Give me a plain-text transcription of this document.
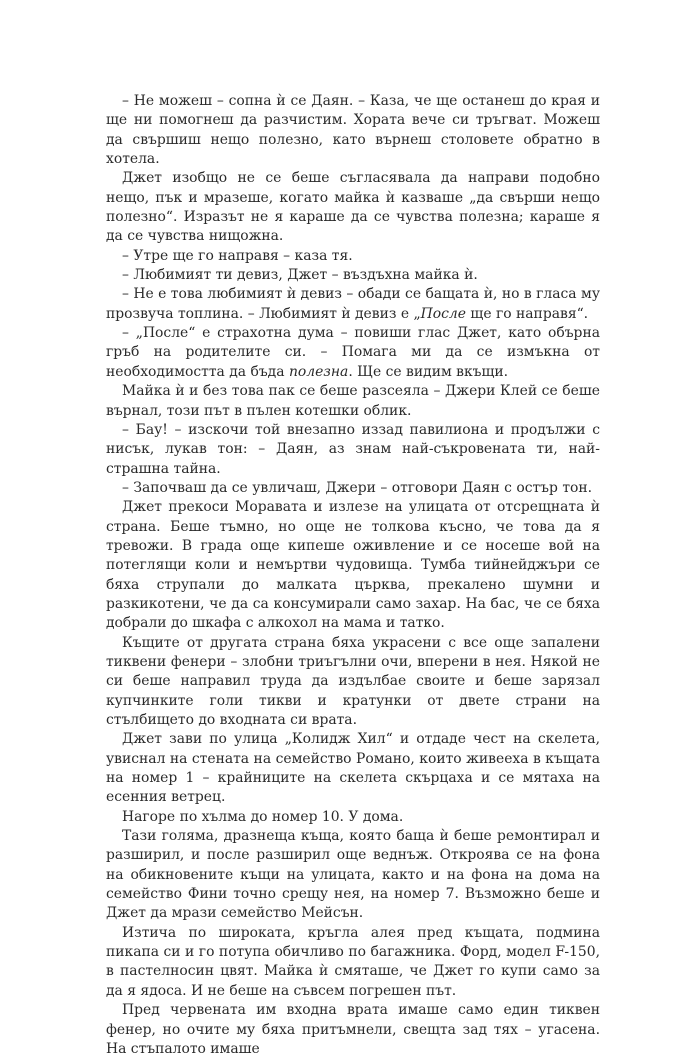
– Не можеш – сопна ѝ се Даян. – Каза, че ще останеш до края и ще ни помогнеш да разчистим. Хората вече си тръгват. Можеш да свършиш нещо полезно, като върнеш столовете обратно в хотела.

Джет изобщо не се беше съгласявала да направи подобно нещо, пък и мразеше, когато майка ѝ казваше „да свърши нещо полезно“. Изразът не я караше да се чувства полезна; караше я да се чувства нищожна.

– Утре ще го направя – каза тя.

– Любимият ти девиз, Джет – въздъхна майка ѝ.

– Не е това любимият ѝ девиз – обади се бащата ѝ, но в гласа му прозвуча топлина. – Любимият ѝ девиз е „После ще го направя“.

– „После“ е страхотна дума – повиши глас Джет, като обърна гръб на родителите си. – Помага ми да се измъкна от необходимостта да бъда полезна. Ще се видим вкъщи.

Майка ѝ и без това пак се беше разсеяла – Джери Клей се беше върнал, този път в пълен котешки облик.

– Бау! – изскочи той внезапно иззад павилиона и продължи с нисък, лукав тон: – Даян, аз знам най-съкровената ти, най-страшна тайна.

– Започваш да се увличаш, Джери – отговори Даян с остър тон.

Джет прекоси Моравата и излезе на улицата от отсрещната ѝ страна. Беше тъмно, но още не толкова късно, че това да я тревожи. В града още кипеше оживление и се носеше вой на потеглящи коли и немъртви чудовища. Тумба тийнейджъри се бяха струпали до малката църква, прекалено шумни и разкикотени, че да са консумирали само захар. На бас, че се бяха добрали до шкафа с алкохол на мама и татко.

Къщите от другата страна бяха украсени с все още запалени тиквени фенери – злобни триъгълни очи, вперени в нея. Някой не си беше направил труда да издълбае своите и беше зарязал купчинките голи тикви и кратунки от двете страни на стълбището до входната си врата.

Джет зави по улица „Колидж Хил“ и отдаде чест на скелета, увиснал на стената на семейство Романо, които живееха в къщата на номер 1 – крайниците на скелета скърцаха и се мятаха на есенния ветрец.

Нагоре по хълма до номер 10. У дома.

Тази голяма, дразнеща къща, която баща ѝ беше ремонтирал и разширил, и после разширил още веднъж. Откроява се на фона на обикновените къщи на улицата, както и на фона на дома на семейство Фини точно срещу нея, на номер 7. Възможно беше и Джет да мрази семейство Мейсън.

Изтича по широката, кръгла алея пред къщата, подмина пикапа си и го потупа обичливо по багажника. Форд, модел F-150, в пастелносин цвят. Майка ѝ смяташе, че Джет го купи само за да я ядоса. И не беше на съвсем погрешен път.

Пред червената им входна врата имаше само един тиквен фенер, но очите му бяха притъмнели, свещта зад тях – угасена. На стъпалото имаше
